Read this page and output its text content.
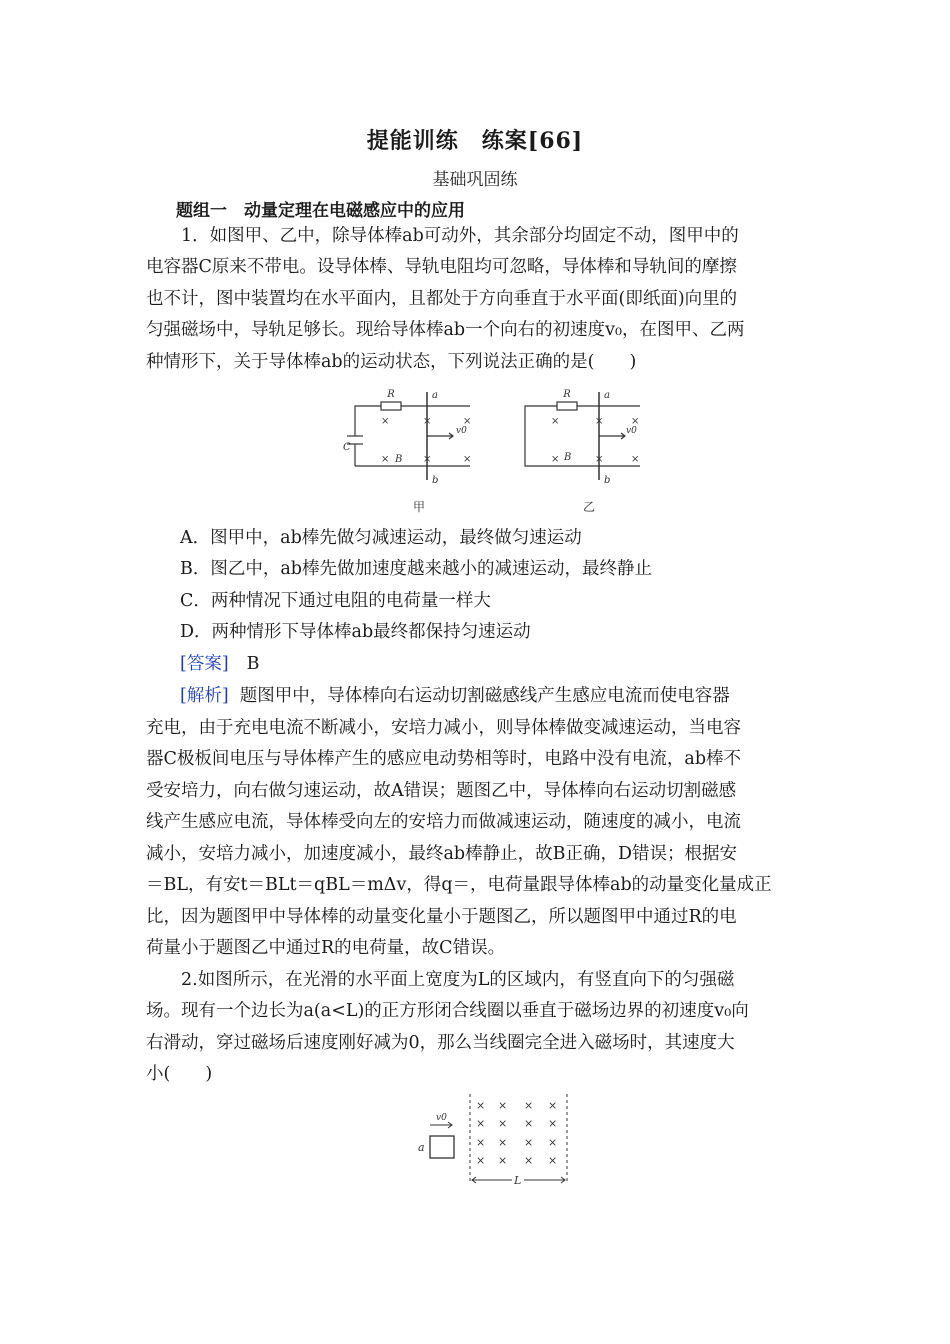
提能训练　练案[66]
基础巩固练
题组一　动量定理在电磁感应中的应用
1．如图甲、乙中，除导体棒ab可动外，其余部分均固定不动，图甲中的
电容器C原来不带电。设导体棒、导轨电阻均可忽略，导体棒和导轨间的摩擦
也不计，图中装置均在水平面内，且都处于方向垂直于水平面(即纸面)向里的
匀强磁场中，导轨足够长。现给导体棒ab一个向右的初速度v₀，在图甲、乙两
种情形下，关于导体棒ab的运动状态，下列说法正确的是(　　)
R	a
b
B
C
v0
×	×	×
×	×	×
R	a
b
B
v0
×	×	×
×	×	×
甲	乙
A．图甲中，ab棒先做匀减速运动，最终做匀速运动
B．图乙中，ab棒先做加速度越来越小的减速运动，最终静止
C．两种情况下通过电阻的电荷量一样大
D．两种情形下导体棒ab最终都保持匀速运动
[答案] B
[解析] 题图甲中，导体棒向右运动切割磁感线产生感应电流而使电容器
充电，由于充电电流不断减小，安培力减小，则导体棒做变减速运动，当电容
器C极板间电压与导体棒产生的感应电动势相等时，电路中没有电流，ab棒不
受安培力，向右做匀速运动，故A错误；题图乙中，导体棒向右运动切割磁感
线产生感应电流，导体棒受向左的安培力而做减速运动，随速度的减小，电流
减小，安培力减小，加速度减小，最终ab棒静止，故B正确，D错误；根据安
＝BL，有安t＝BLt＝qBL＝mΔv，得q＝，电荷量跟导体棒ab的动量变化量成正
比，因为题图甲中导体棒的动量变化量小于题图乙，所以题图甲中通过R的电
荷量小于题图乙中通过R的电荷量，故C错误。
2.如图所示，在光滑的水平面上宽度为L的区域内，有竖直向下的匀强磁
场。现有一个边长为a(a<L)的正方形闭合线圈以垂直于磁场边界的初速度v₀向
右滑动，穿过磁场后速度刚好减为0，那么当线圈完全进入磁场时，其速度大
小(　　)
v0
a
L
× × × ×
× × × ×
× × × ×
× × × ×
